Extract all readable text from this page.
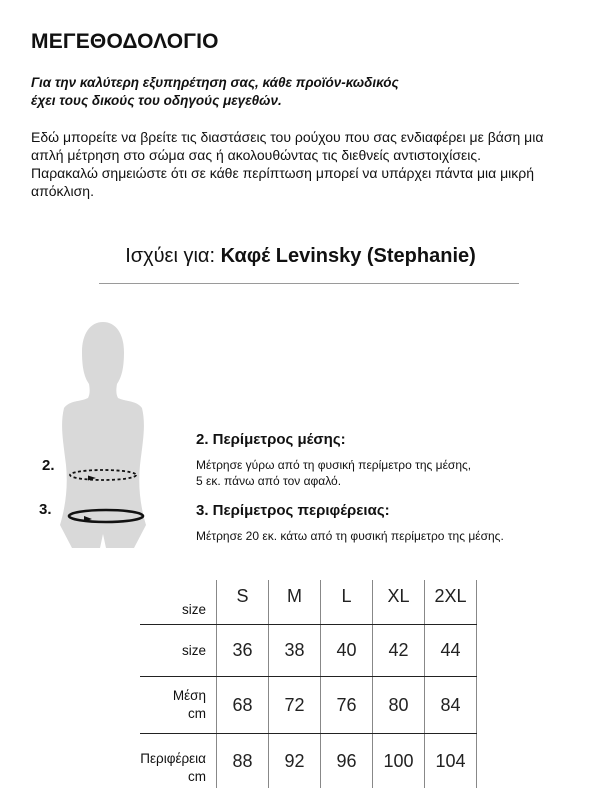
ΜΕΓΕΘΟΔΟΛΟΓΙΟ
Για την καλύτερη εξυπηρέτηση σας, κάθε προϊόν-κωδικός
έχει τους δικούς του οδηγούς μεγεθών.

Εδώ μπορείτε να βρείτε τις διαστάσεις του ρούχου που σας ενδιαφέρει με βάση μια απλή μέτρηση στο σώμα σας ή ακολουθώντας τις διεθνείς αντιστοιχίσεις.

Παρακαλώ σημειώστε ότι σε κάθε περίπτωση μπορεί να υπάρχει πάντα μια μικρή απόκλιση.

Ισχύει για: Καφέ Levinsky (Stephanie)
2.
3.
2. Περίμετρος μέσης:
Μέτρησε γύρω από τη φυσική περίμετρο της μέσης,
5 εκ. πάνω από τον αφαλό.
3. Περίμετρος περιφέρειας:
Μέτρησε 20 εκ. κάτω από τη φυσική περίμετρο της μέσης.
size	S	M	L	XL	2XL
size	36	38	40	42	44
Μέση
cm	68	72	76	80	84
Περιφέρεια
cm	88	92	96	100	104
